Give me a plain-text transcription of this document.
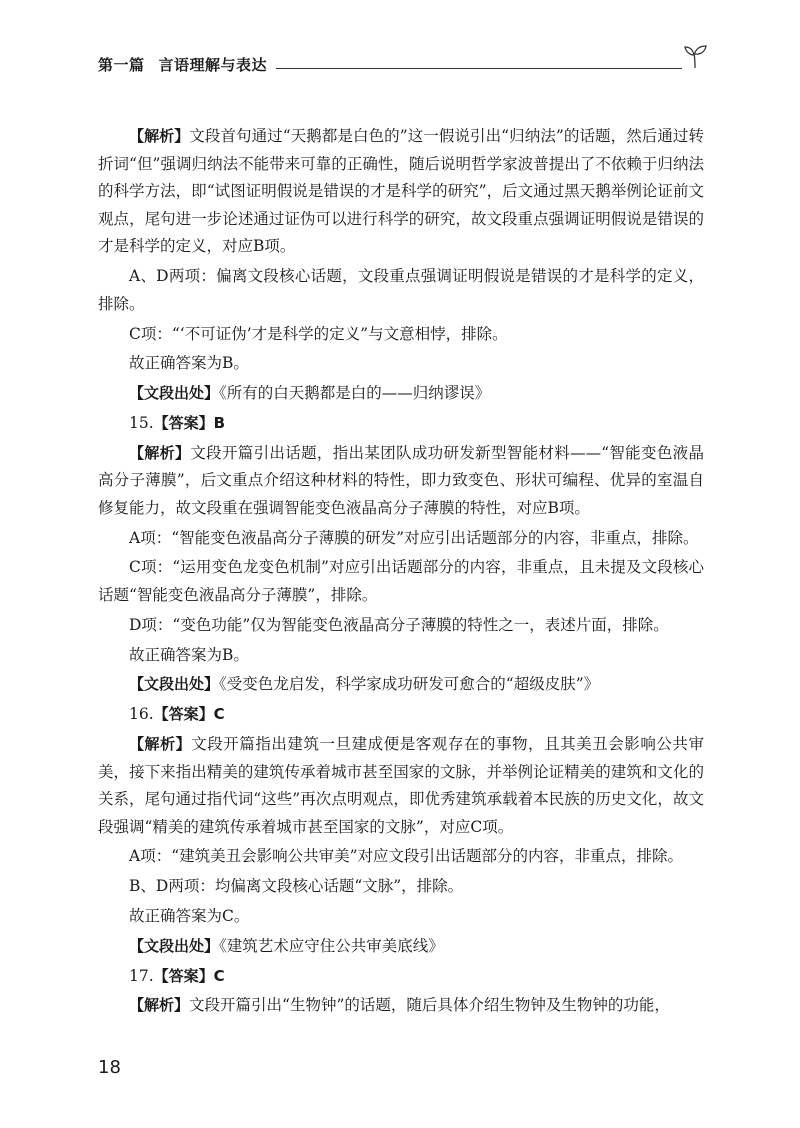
第一篇 言语理解与表达

【解析】文段首句通过“天鹅都是白色的”这一假说引出“归纳法”的话题，然后通过转折词“但”强调归纳法不能带来可靠的正确性，随后说明哲学家波普提出了不依赖于归纳法的科学方法，即“试图证明假说是错误的才是科学的研究”，后文通过黑天鹅举例论证前文观点，尾句进一步论述通过证伪可以进行科学的研究，故文段重点强调证明假说是错误的才是科学的定义，对应B项。

A、D两项：偏离文段核心话题，文段重点强调证明假说是错误的才是科学的定义，排除。

C项：“‘不可证伪’才是科学的定义”与文意相悖，排除。

故正确答案为B。

【文段出处】《所有的白天鹅都是白的——归纳谬误》

15.【答案】B

【解析】文段开篇引出话题，指出某团队成功研发新型智能材料——“智能变色液晶高分子薄膜”，后文重点介绍这种材料的特性，即力致变色、形状可编程、优异的室温自修复能力，故文段重在强调智能变色液晶高分子薄膜的特性，对应B项。

A项：“智能变色液晶高分子薄膜的研发”对应引出话题部分的内容，非重点，排除。

C项：“运用变色龙变色机制”对应引出话题部分的内容，非重点，且未提及文段核心话题“智能变色液晶高分子薄膜”，排除。

D项：“变色功能”仅为智能变色液晶高分子薄膜的特性之一，表述片面，排除。

故正确答案为B。

【文段出处】《受变色龙启发，科学家成功研发可愈合的“超级皮肤”》

16.【答案】C

【解析】文段开篇指出建筑一旦建成便是客观存在的事物，且其美丑会影响公共审美，接下来指出精美的建筑传承着城市甚至国家的文脉，并举例论证精美的建筑和文化的关系，尾句通过指代词“这些”再次点明观点，即优秀建筑承载着本民族的历史文化，故文段强调“精美的建筑传承着城市甚至国家的文脉”，对应C项。

A项：“建筑美丑会影响公共审美”对应文段引出话题部分的内容，非重点，排除。

B、D两项：均偏离文段核心话题“文脉”，排除。

故正确答案为C。

【文段出处】《建筑艺术应守住公共审美底线》

17.【答案】C

【解析】文段开篇引出“生物钟”的话题，随后具体介绍生物钟及生物钟的功能，

18
